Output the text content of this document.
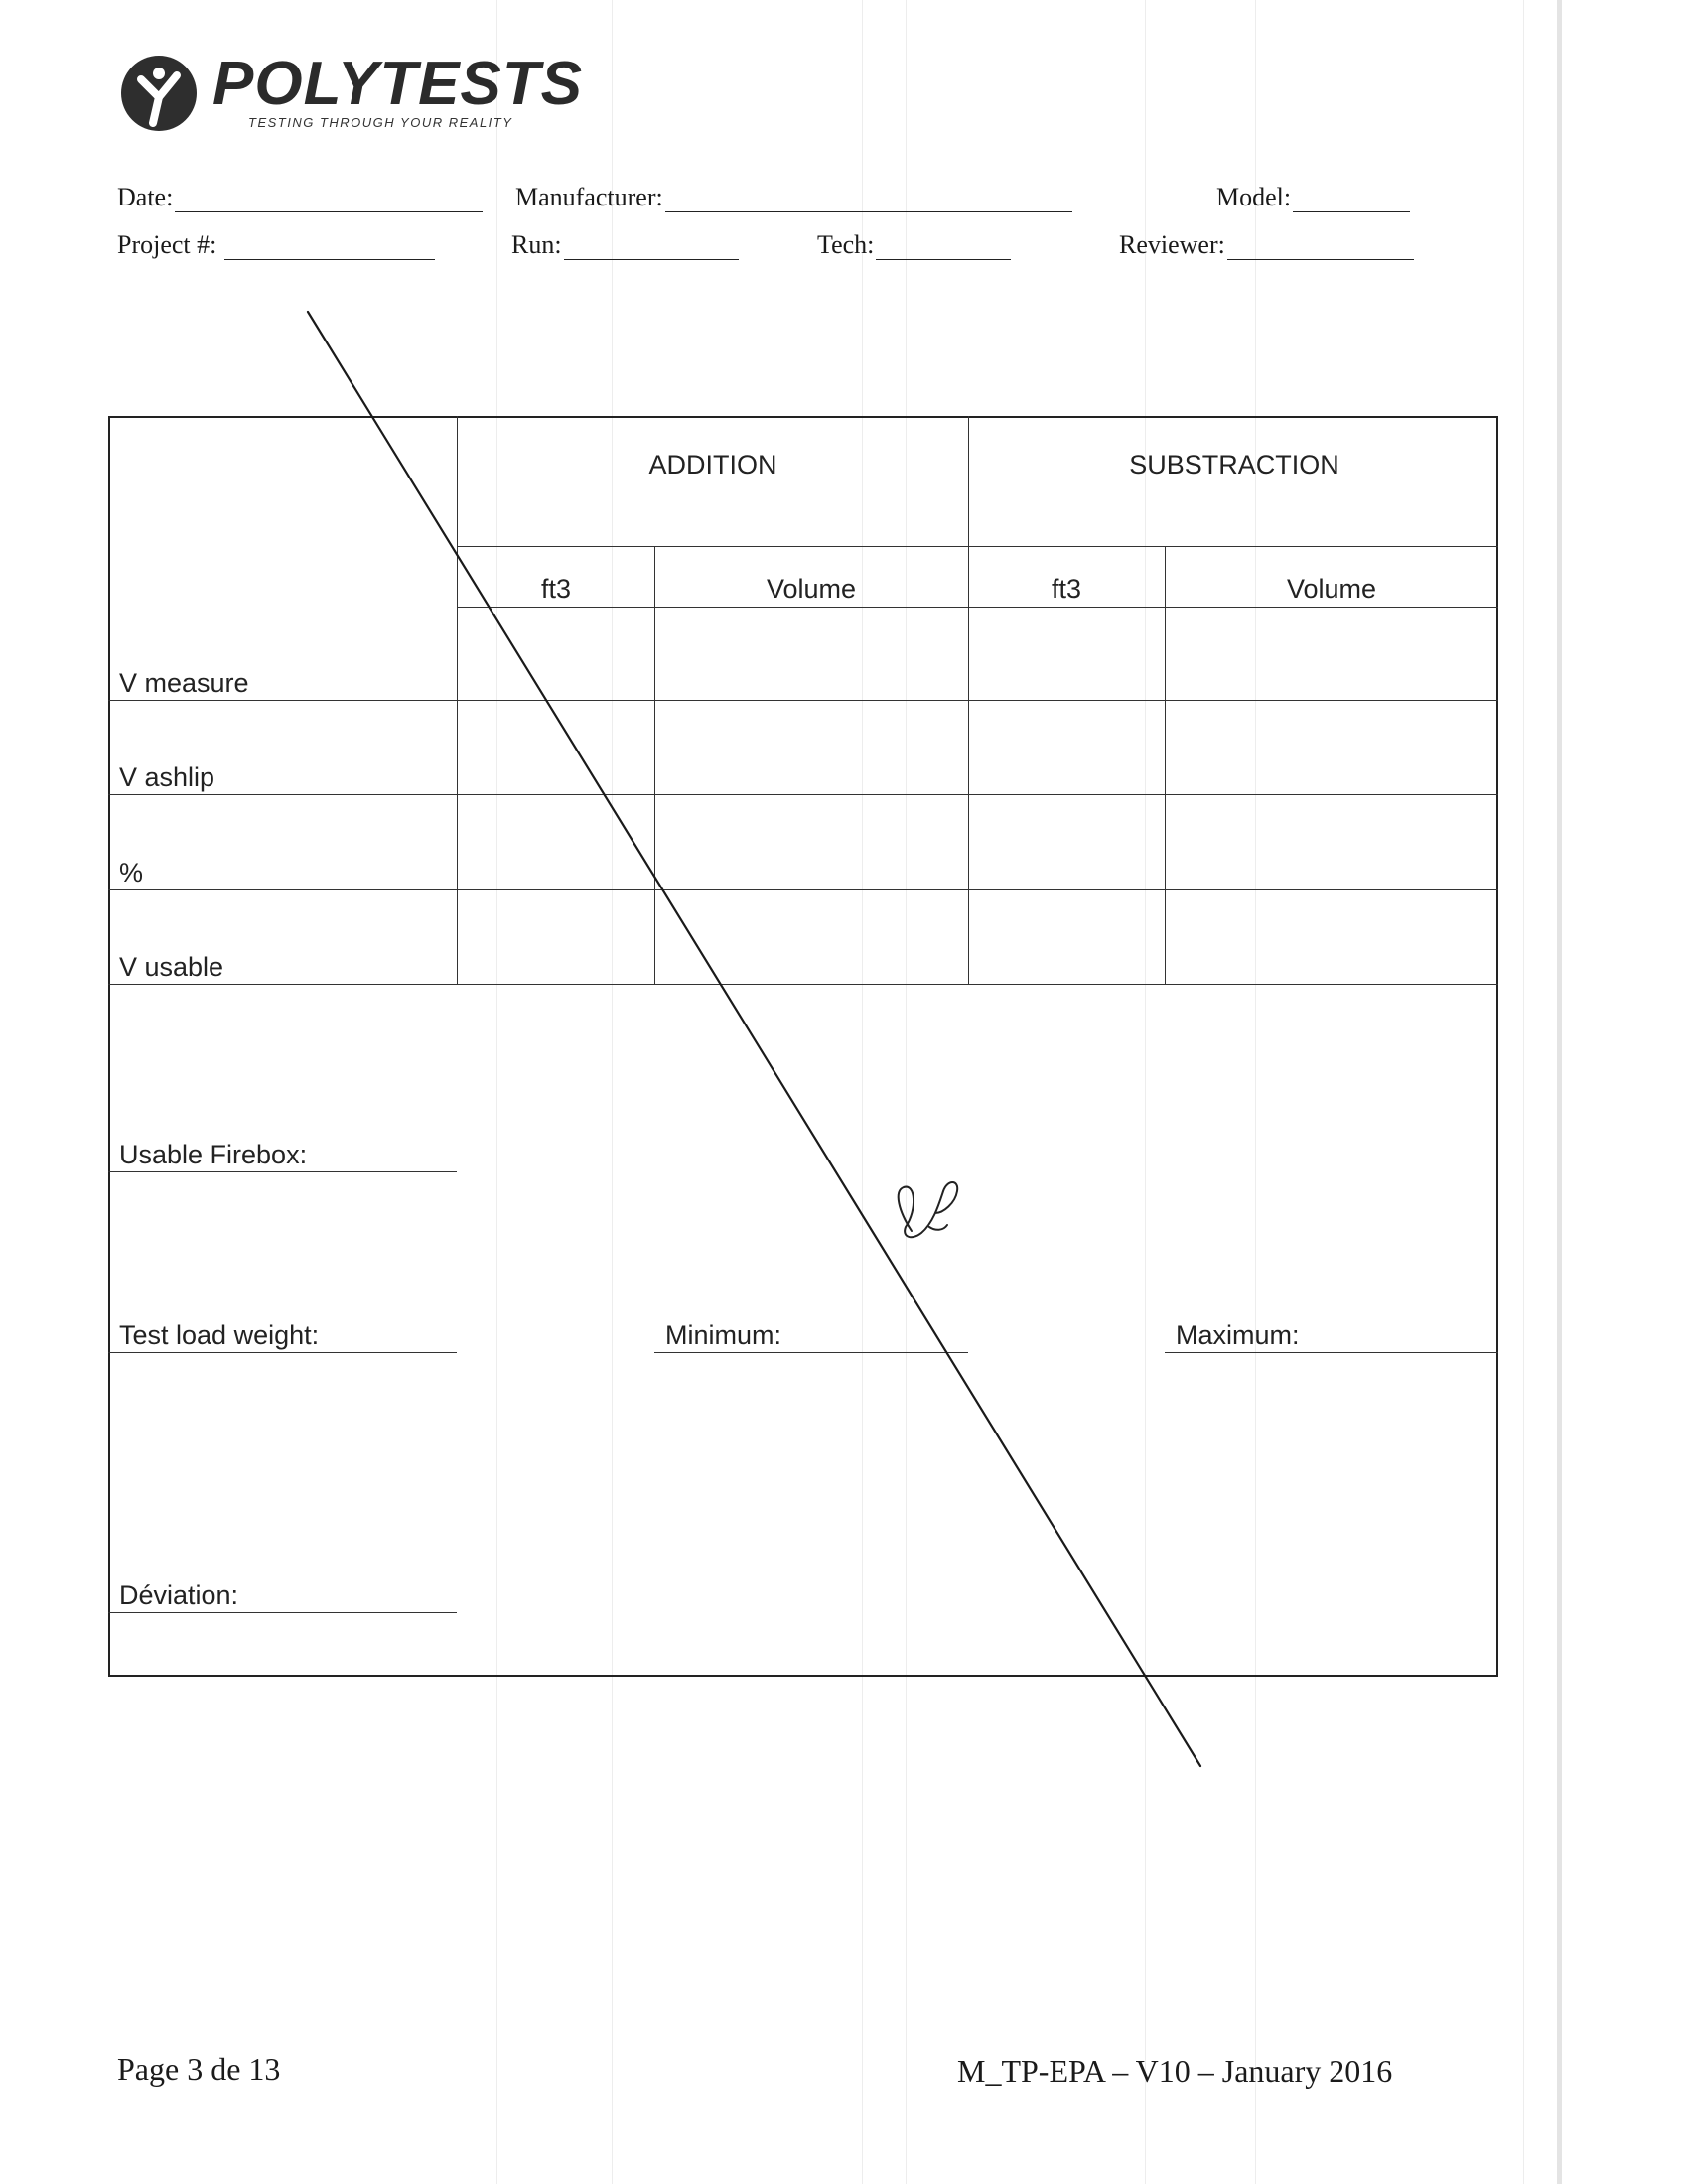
POLYTESTS
TESTING THROUGH YOUR REALITY
Date:	Manufacturer:	Model:
Project #:	Run:	Tech:	Reviewer:
ADDITION	SUBSTRACTION
ft3	Volume	ft3	Volume
V measure
V ashlip
%
V usable
Usable Firebox:
Test load weight:	Minimum:	Maximum:
Déviation:
Page 3 de 13	M_TP-EPA – V10 – January 2016
